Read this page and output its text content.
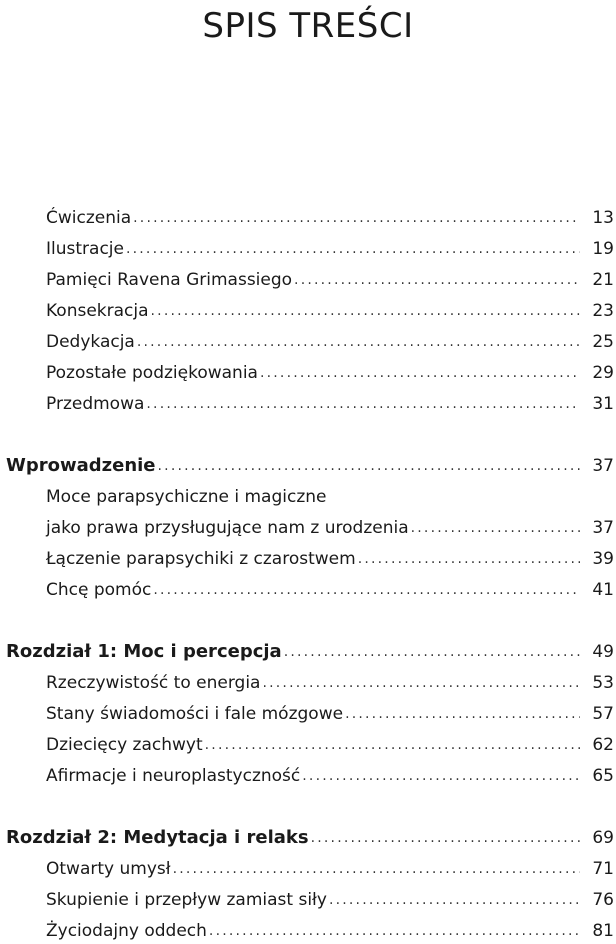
SPIS TREŚCI
Ćwiczenia .....	13
Ilustracje .....	19
Pamięci Ravena Grimassiego .....	21
Konsekracja .....	23
Dedykacja .....	25
Pozostałe podziękowania .....	29
Przedmowa .....	31
Wprowadzenie .....	37
Moce parapsychiczne i magiczne
jako prawa przysługujące nam z urodzenia .....	37
Łączenie parapsychiki z czarostwem .....	39
Chcę pomóc .....	41
Rozdział 1: Moc i percepcja .....	49
Rzeczywistość to energia .....	53
Stany świadomości i fale mózgowe .....	57
Dziecięcy zachwyt .....	62
Afirmacje i neuroplastyczność .....	65
Rozdział 2: Medytacja i relaks .....	69
Otwarty umysł .....	71
Skupienie i przepływ zamiast siły .....	76
Życiodajny oddech .....	81
